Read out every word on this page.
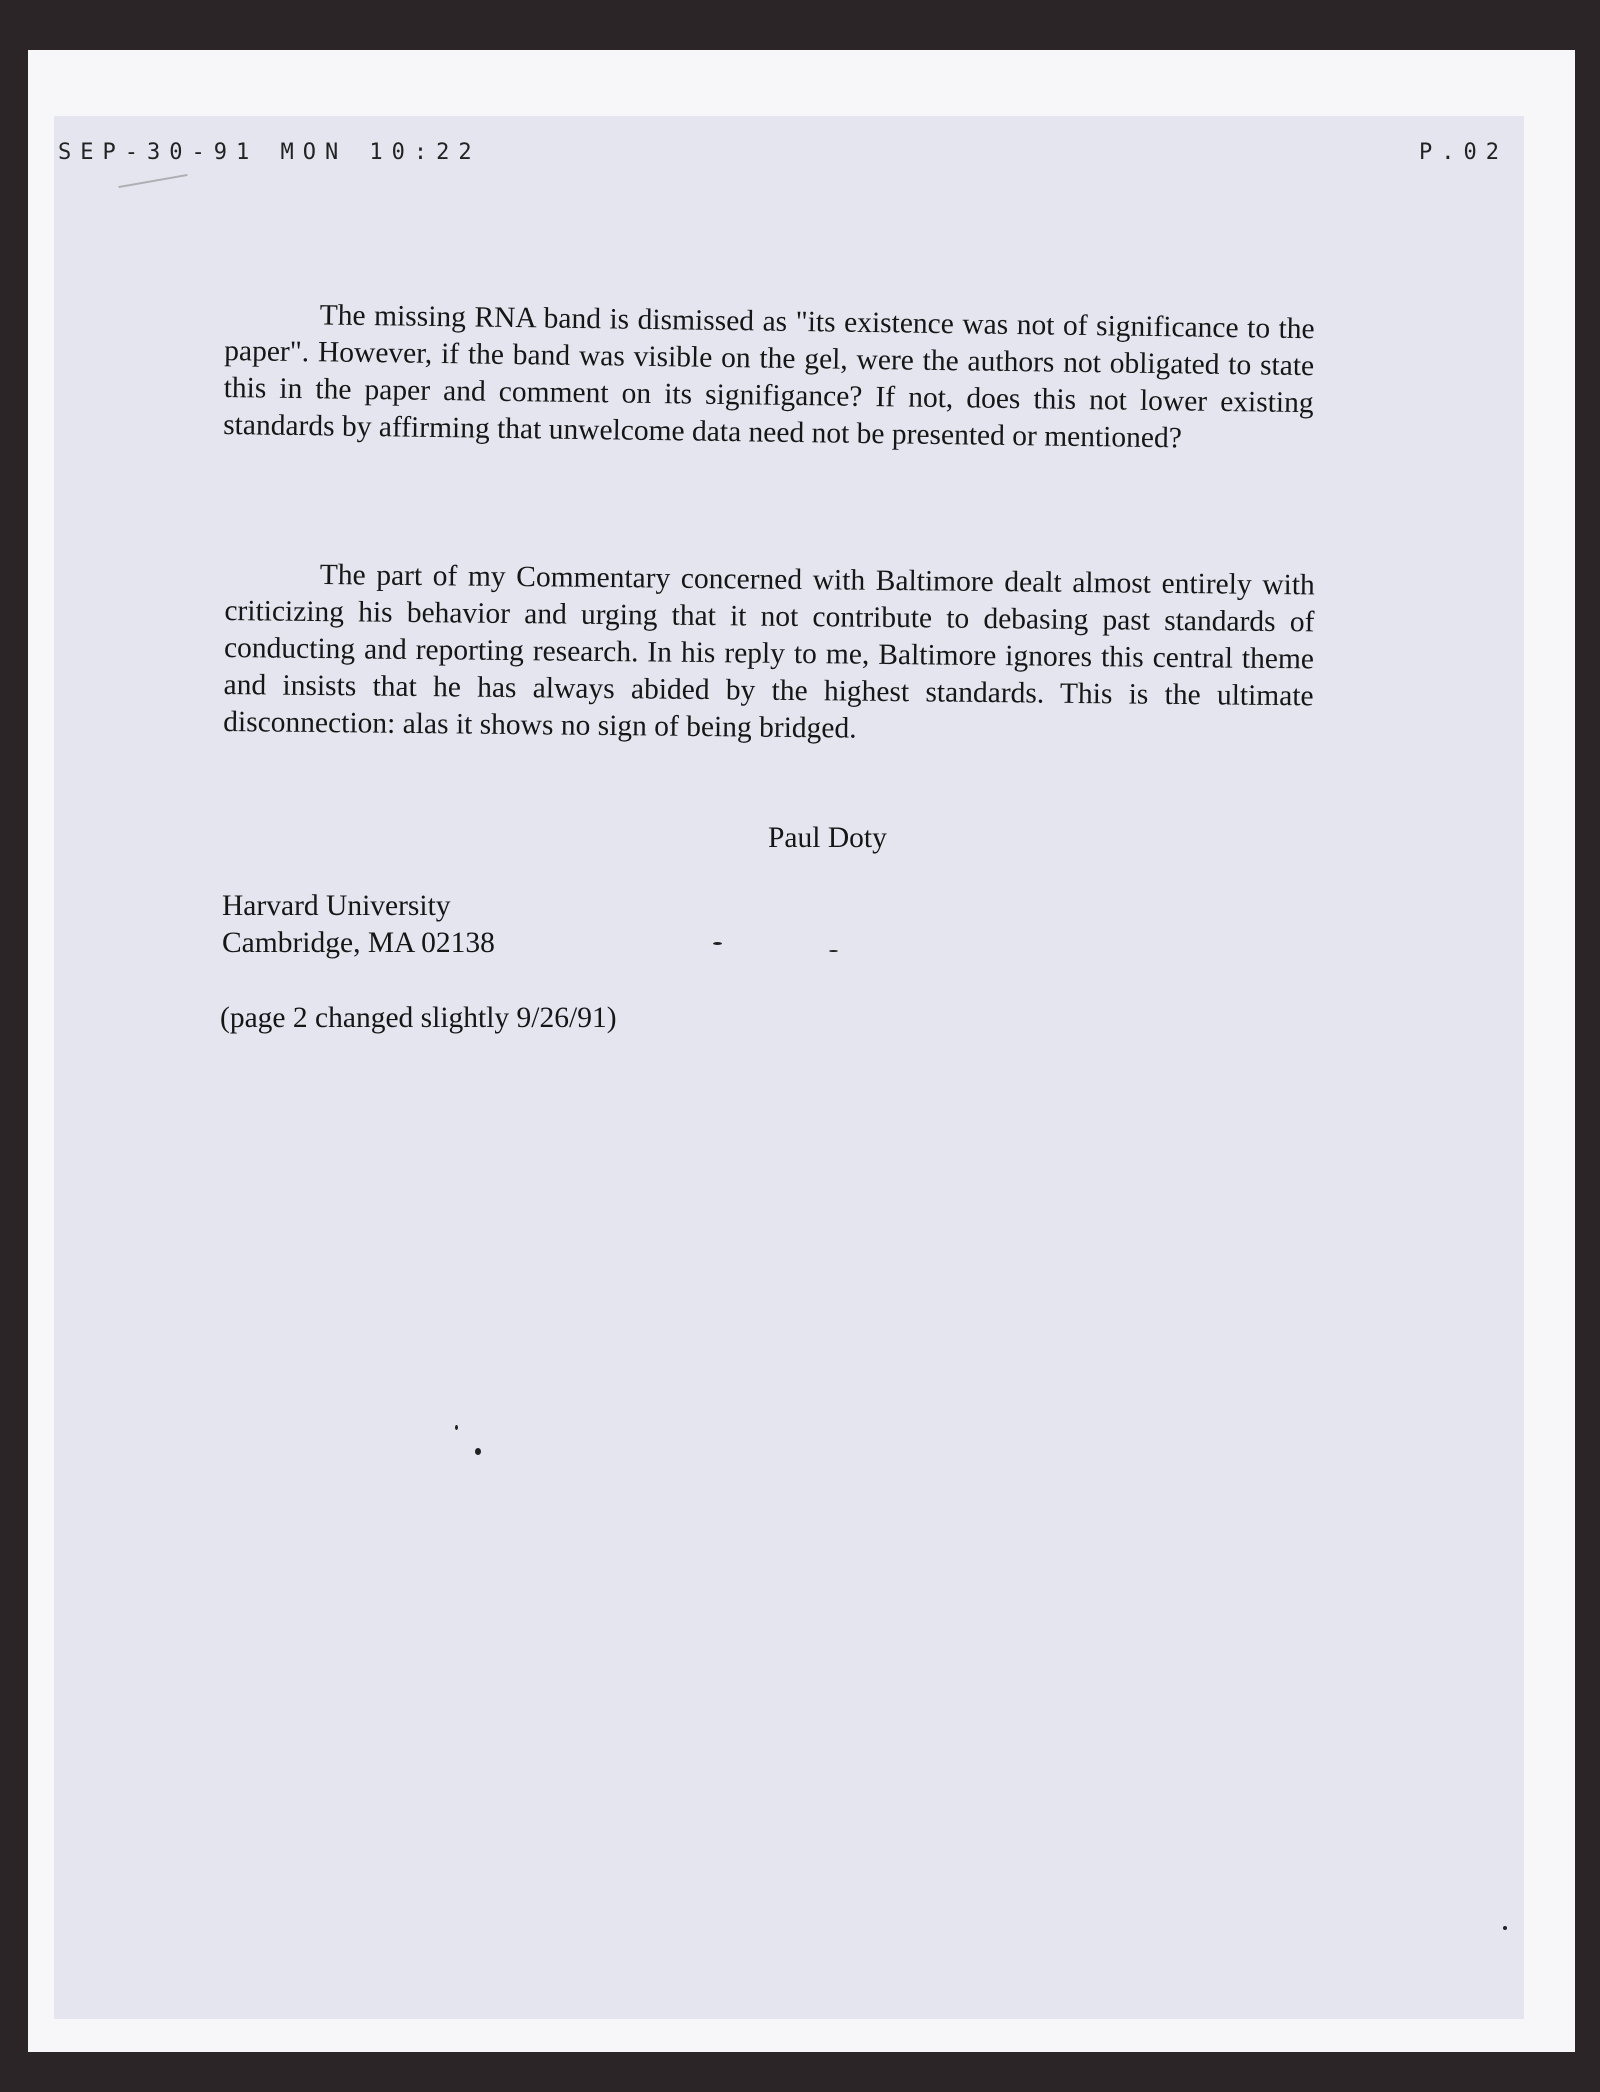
SEP-30-91 MON 10:22	P.02

The missing RNA band is dismissed as "its existence was not of significance to the paper". However, if the band was visible on the gel, were the authors not obligated to state this in the paper and comment on its signifigance? If not, does this not lower existing standards by affirming that unwelcome data need not be presented or mentioned?

The part of my Commentary concerned with Baltimore dealt almost entirely with criticizing his behavior and urging that it not contribute to debasing past standards of conducting and reporting research. In his reply to me, Baltimore ignores this central theme and insists that he has always abided by the highest standards. This is the ultimate disconnection: alas it shows no sign of being bridged.

Paul Doty
Harvard University
Cambridge, MA 02138
(page 2 changed slightly 9/26/91)
